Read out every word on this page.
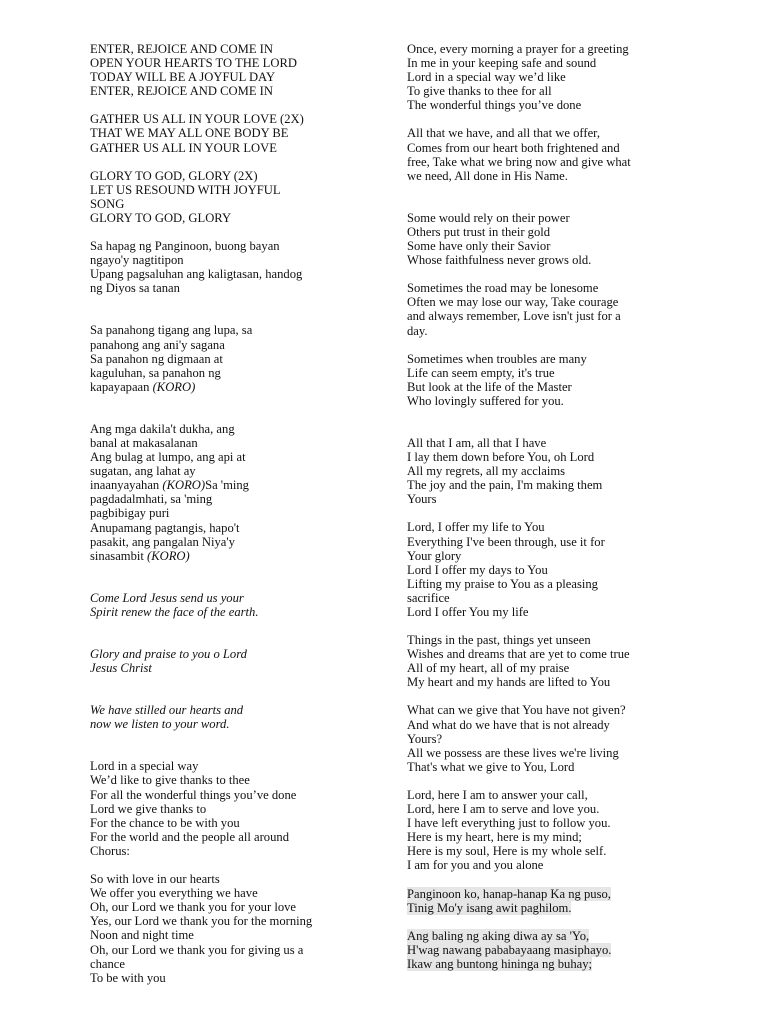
ENTER, REJOICE AND COME IN
OPEN YOUR HEARTS TO THE LORD
TODAY WILL BE A JOYFUL DAY
ENTER, REJOICE AND COME IN
GATHER US ALL IN YOUR LOVE (2X)
THAT WE MAY ALL ONE BODY BE
GATHER US ALL IN YOUR LOVE
GLORY TO GOD, GLORY (2X)
LET US RESOUND WITH JOYFUL
SONG
GLORY TO GOD, GLORY
Sa hapag ng Panginoon, buong bayan
ngayo'y nagtitipon
Upang pagsaluhan ang kaligtasan, handog
ng Diyos sa tanan
Sa panahong tigang ang lupa, sa
panahong ang ani'y sagana
Sa panahon ng digmaan at
kaguluhan, sa panahon ng
kapayapaan (KORO)
Ang mga dakila't dukha, ang
banal at makasalanan
Ang bulag at lumpo, ang api at
sugatan, ang lahat ay
inaanyayahan (KORO)Sa 'ming
pagdadalmhati, sa 'ming
pagbibigay puri
Anupamang pagtangis, hapo't
pasakit, ang pangalan Niya'y
sinasambit (KORO)
Come Lord Jesus send us your
Spirit renew the face of the earth.
Glory and praise to you o Lord
Jesus Christ
We have stilled our hearts and
now we listen to your word.
Lord in a special way
We’d like to give thanks to thee
For all the wonderful things you’ve done
Lord we give thanks to
For the chance to be with you
For the world and the people all around
Chorus:
So with love in our hearts
We offer you everything we have
Oh, our Lord we thank you for your love
Yes, our Lord we thank you for the morning
Noon and night time
Oh, our Lord we thank you for giving us a
chance
To be with you
Once, every morning a prayer for a greeting
In me in your keeping safe and sound
Lord in a special way we’d like
To give thanks to thee for all
The wonderful things you’ve done
All that we have, and all that we offer,
Comes from our heart both frightened and
free, Take what we bring now and give what
we need, All done in His Name.
Some would rely on their power
Others put trust in their gold
Some have only their Savior
Whose faithfulness never grows old.
Sometimes the road may be lonesome
Often we may lose our way, Take courage
and always remember, Love isn't just for a
day.
Sometimes when troubles are many
Life can seem empty, it's true
But look at the life of the Master
Who lovingly suffered for you.
All that I am, all that I have
I lay them down before You, oh Lord
All my regrets, all my acclaims
The joy and the pain, I'm making them
Yours
Lord, I offer my life to You
Everything I've been through, use it for
Your glory
Lord I offer my days to You
Lifting my praise to You as a pleasing
sacrifice
Lord I offer You my life
Things in the past, things yet unseen
Wishes and dreams that are yet to come true
All of my heart, all of my praise
My heart and my hands are lifted to You
What can we give that You have not given?
And what do we have that is not already
Yours?
All we possess are these lives we're living
That's what we give to You, Lord
Lord, here I am to answer your call,
Lord, here I am to serve and love you.
I have left everything just to follow you.
Here is my heart, here is my mind;
Here is my soul, Here is my whole self.
I am for you and you alone
Panginoon ko, hanap-hanap Ka ng puso,
Tinig Mo'y isang awit paghilom.
Ang baling ng aking diwa ay sa 'Yo,
H'wag nawang pababayaang masiphayo.
Ikaw ang buntong hininga ng buhay;
